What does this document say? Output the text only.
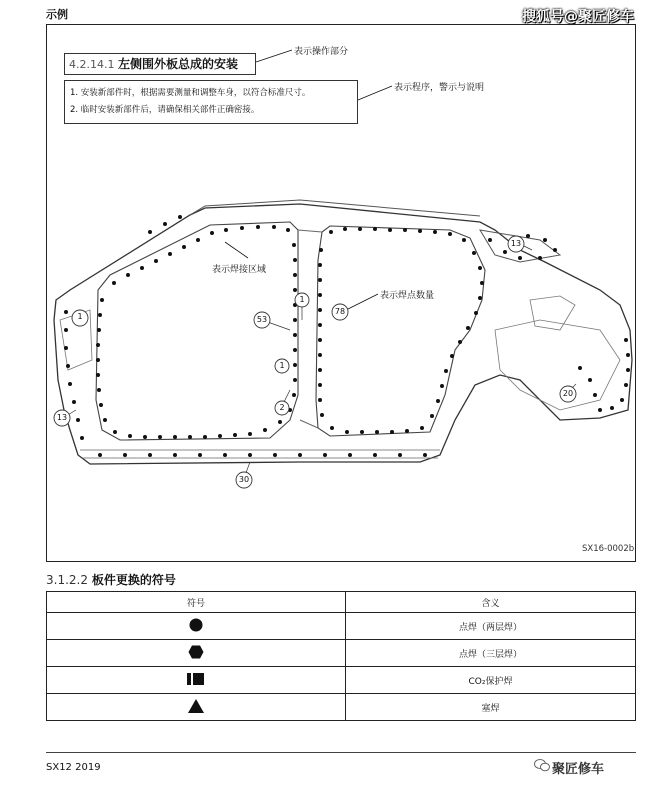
示例	搜狐号@聚匠修车
1
1
53
78
1
2
13
20
30
13
4.2.14.1 左侧围外板总成的安装
1. 安装新部件时，根据需要测量和调整车身，以符合标准尺寸。
2. 临时安装新部件后，请确保相关部件正确密接。
表示操作部分
表示程序，警示与说明
表示焊接区域
表示焊点数量
SX16-0002b
3.1.2.2 板件更换的符号
符号	含义
	点焊（两层焊）
	点焊（三层焊）
	CO₂保护焊
	塞焊
SX12 2019	聚匠修车
